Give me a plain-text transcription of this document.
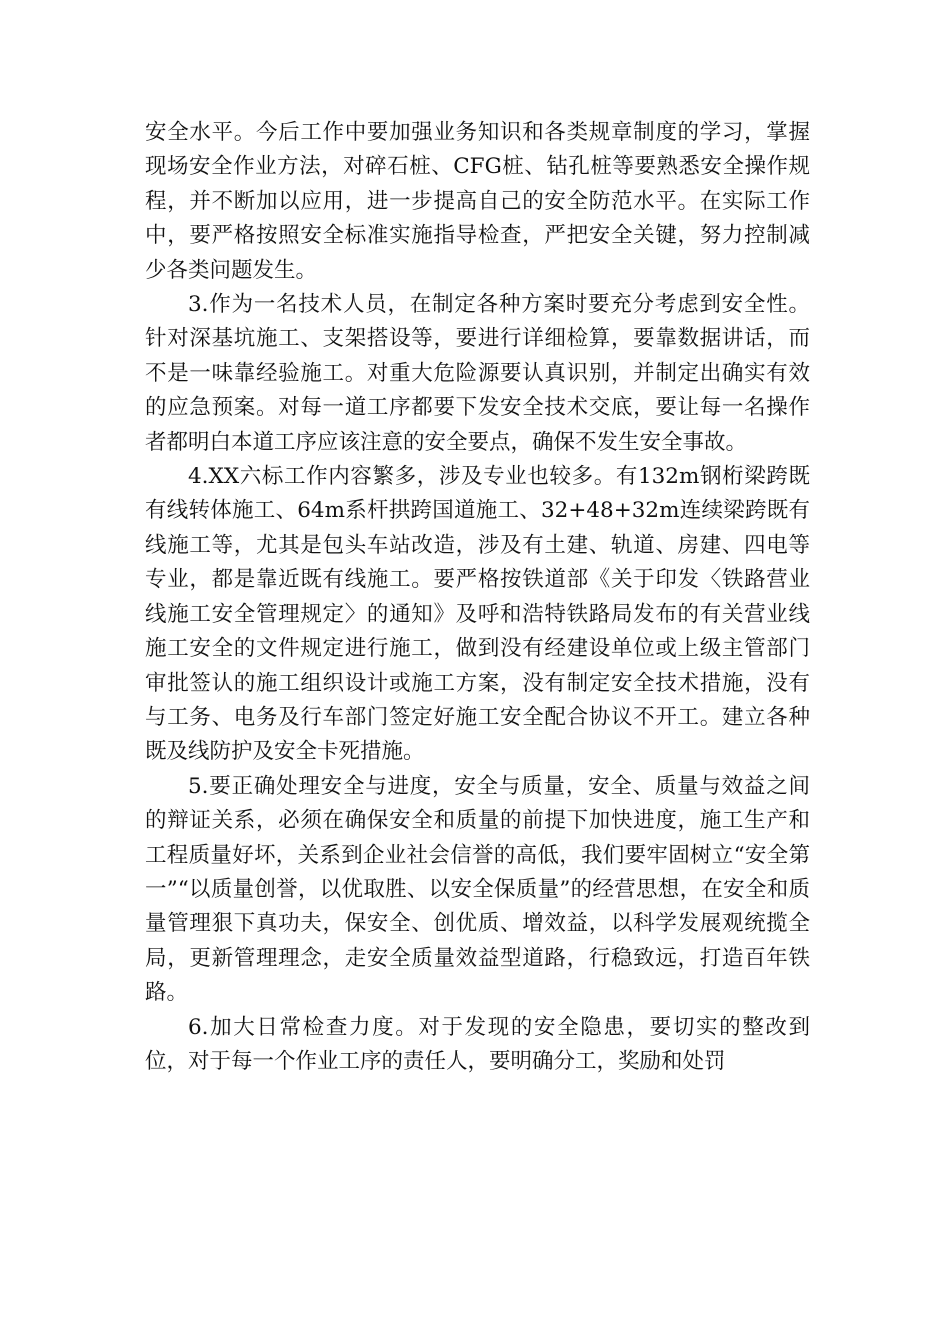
安全水平。今后工作中要加强业务知识和各类规章制度的学习，掌握现场安全作业方法，对碎石桩、CFG桩、钻孔桩等要熟悉安全操作规程，并不断加以应用，进一步提高自己的安全防范水平。在实际工作中，要严格按照安全标准实施指导检查，严把安全关键，努力控制减少各类问题发生。

3.作为一名技术人员，在制定各种方案时要充分考虑到安全性。针对深基坑施工、支架搭设等，要进行详细检算，要靠数据讲话，而不是一味靠经验施工。对重大危险源要认真识别，并制定出确实有效的应急预案。对每一道工序都要下发安全技术交底，要让每一名操作者都明白本道工序应该注意的安全要点，确保不发生安全事故。

4.XX六标工作内容繁多，涉及专业也较多。有132m钢桁梁跨既有线转体施工、64m系杆拱跨国道施工、32+48+32m连续梁跨既有线施工等，尤其是包头车站改造，涉及有土建、轨道、房建、四电等专业，都是靠近既有线施工。要严格按铁道部《关于印发〈铁路营业线施工安全管理规定〉的通知》及呼和浩特铁路局发布的有关营业线施工安全的文件规定进行施工，做到没有经建设单位或上级主管部门审批签认的施工组织设计或施工方案，没有制定安全技术措施，没有与工务、电务及行车部门签定好施工安全配合协议不开工。建立各种既及线防护及安全卡死措施。

5.要正确处理安全与进度，安全与质量，安全、质量与效益之间的辩证关系，必须在确保安全和质量的前提下加快进度，施工生产和工程质量好坏，关系到企业社会信誉的高低，我们要牢固树立“安全第一”“以质量创誉，以优取胜、以安全保质量”的经营思想，在安全和质量管理狠下真功夫，保安全、创优质、增效益，以科学发展观统揽全局，更新管理理念，走安全质量效益型道路，行稳致远，打造百年铁路。

6.加大日常检查力度。对于发现的安全隐患，要切实的整改到位，对于每一个作业工序的责任人，要明确分工，奖励和处罚
